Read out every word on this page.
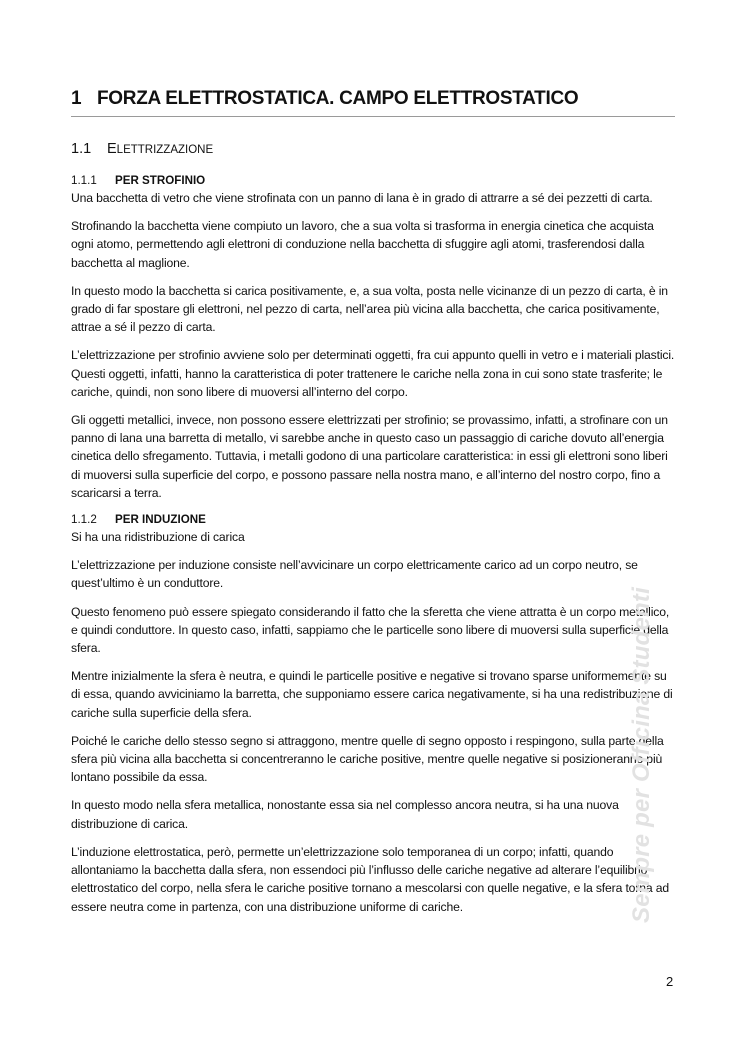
1 FORZA ELETTROSTATICA. CAMPO ELETTROSTATICO
1.1 ELETTRIZZAZIONE
1.1.1 PER STROFINIO

Una bacchetta di vetro che viene strofinata con un panno di lana è in grado di attrarre a sé dei pezzetti di carta.

Strofinando la bacchetta viene compiuto un lavoro, che a sua volta si trasforma in energia cinetica che acquista ogni atomo, permettendo agli elettroni di conduzione nella bacchetta di sfuggire agli atomi, trasferendosi dalla bacchetta al maglione.

In questo modo la bacchetta si carica positivamente, e, a sua volta, posta nelle vicinanze di un pezzo di carta, è in grado di far spostare gli elettroni, nel pezzo di carta, nell’area più vicina alla bacchetta, che carica positivamente, attrae a sé il pezzo di carta.

L’elettrizzazione per strofinio avviene solo per determinati oggetti, fra cui appunto quelli in vetro e i materiali plastici. Questi oggetti, infatti, hanno la caratteristica di poter trattenere le cariche nella zona in cui sono state trasferite; le cariche, quindi, non sono libere di muoversi all’interno del corpo.

Gli oggetti metallici, invece, non possono essere elettrizzati per strofinio; se provassimo, infatti, a strofinare con un panno di lana una barretta di metallo, vi sarebbe anche in questo caso un passaggio di cariche dovuto all’energia cinetica dello sfregamento. Tuttavia, i metalli godono di una particolare caratteristica: in essi gli elettroni sono liberi di muoversi sulla superficie del corpo, e possono passare nella nostra mano, e all’interno del nostro corpo, fino a scaricarsi a terra.

1.1.2 PER INDUZIONE

Si ha una ridistribuzione di carica

L’elettrizzazione per induzione consiste nell’avvicinare un corpo elettricamente carico ad un corpo neutro, se quest’ultimo è un conduttore.

Questo fenomeno può essere spiegato considerando il fatto che la sferetta che viene attratta è un corpo metallico, e quindi conduttore. In questo caso, infatti, sappiamo che le particelle sono libere di muoversi sulla superficie della sfera.

Mentre inizialmente la sfera è neutra, e quindi le particelle positive e negative si trovano sparse uniformemente su di essa, quando avviciniamo la barretta, che supponiamo essere carica negativamente, si ha una redistribuzione di cariche sulla superficie della sfera.

Poiché le cariche dello stesso segno si attraggono, mentre quelle di segno opposto i respingono, sulla parte della sfera più vicina alla bacchetta si concentreranno le cariche positive, mentre quelle negative si posizioneranno più lontano possibile da essa.

In questo modo nella sfera metallica, nonostante essa sia nel complesso ancora neutra, si ha una nuova distribuzione di carica.

L’induzione elettrostatica, però, permette un’elettrizzazione solo temporanea di un corpo; infatti, quando allontaniamo la bacchetta dalla sfera, non essendoci più l’influsso delle cariche negative ad alterare l’equilibrio elettrostatico del corpo, nella sfera le cariche positive tornano a mescolarsi con quelle negative, e la sfera torna ad essere neutra come in partenza, con una distribuzione uniforme di cariche.	Sempre per Officina Studenti
2
